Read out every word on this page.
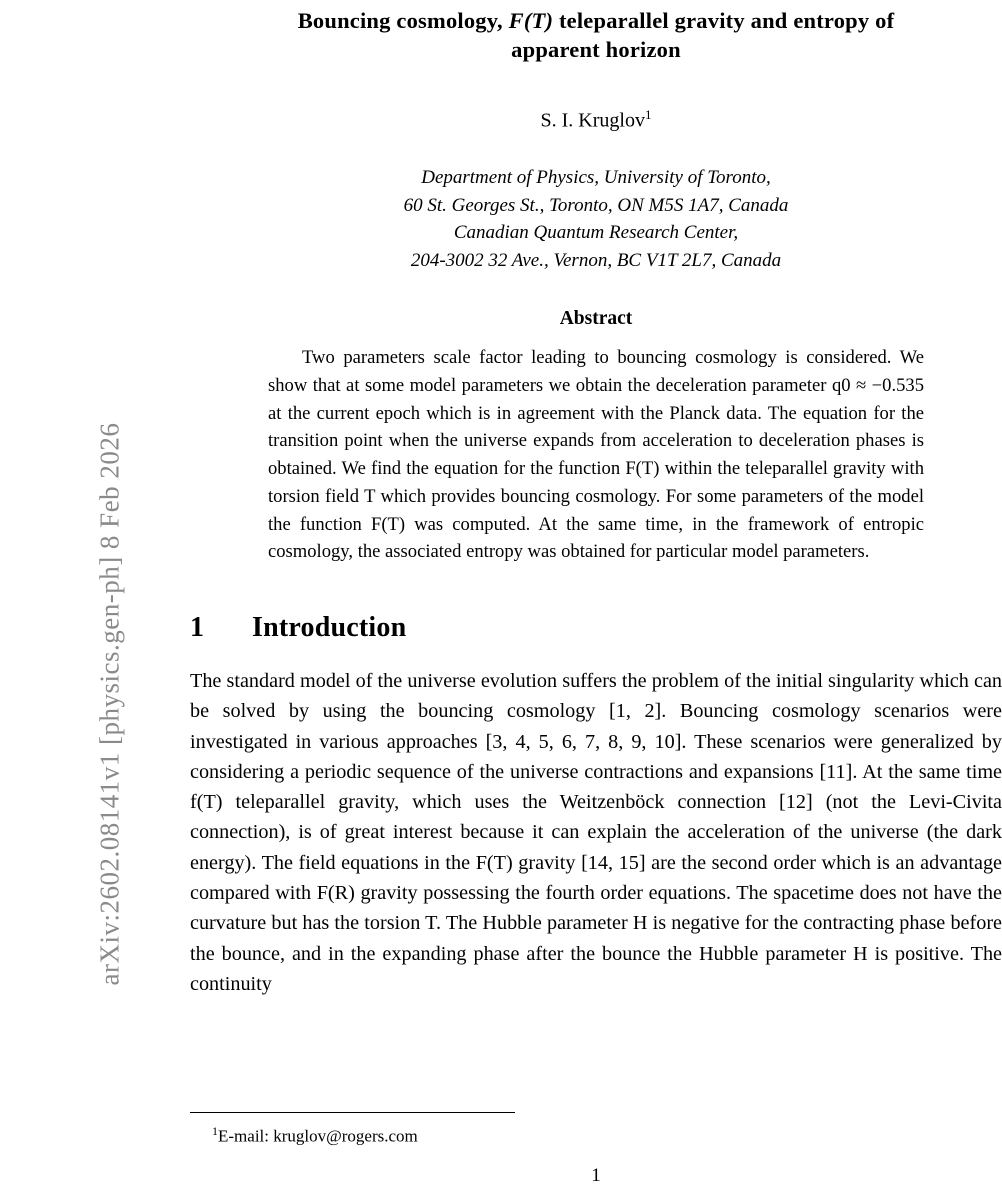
arXiv:2602.08141v1 [physics.gen-ph] 8 Feb 2026
Bouncing cosmology, F(T) teleparallel gravity and entropy of
apparent horizon
S. I. Kruglov$^1$
Department of Physics, University of Toronto,
60 St. Georges St., Toronto, ON M5S 1A7, Canada
Canadian Quantum Research Center,
204-3002 32 Ave., Vernon, BC V1T 2L7, Canada
Abstract
Two parameters scale factor leading to bouncing cosmology is considered. We show that at some model parameters we obtain the deceleration parameter q0 ≈ −0.535 at the current epoch which is in agreement with the Planck data. The equation for the transition point when the universe expands from acceleration to deceleration phases is obtained. We find the equation for the function F(T) within the teleparallel gravity with torsion field T which provides bouncing cosmology. For some parameters of the model the function F(T) was computed. At the same time, in the framework of entropic cosmology, the associated entropy was obtained for particular model parameters.
1 Introduction
The standard model of the universe evolution suffers the problem of the initial singularity which can be solved by using the bouncing cosmology [1, 2]. Bouncing cosmology scenarios were investigated in various approaches [3, 4, 5, 6, 7, 8, 9, 10]. These scenarios were generalized by considering a periodic sequence of the universe contractions and expansions [11]. At the same time f(T) teleparallel gravity, which uses the Weitzenböck connection [12] (not the Levi-Civita connection), is of great interest because it can explain the acceleration of the universe (the dark energy). The field equations in the F(T) gravity [14, 15] are the second order which is an advantage compared with F(R) gravity possessing the fourth order equations. The spacetime does not have the curvature but has the torsion T. The Hubble parameter H is negative for the contracting phase before the bounce, and in the expanding phase after the bounce the Hubble parameter H is positive. The continuity
$^1$E-mail: kruglov@rogers.com
1
